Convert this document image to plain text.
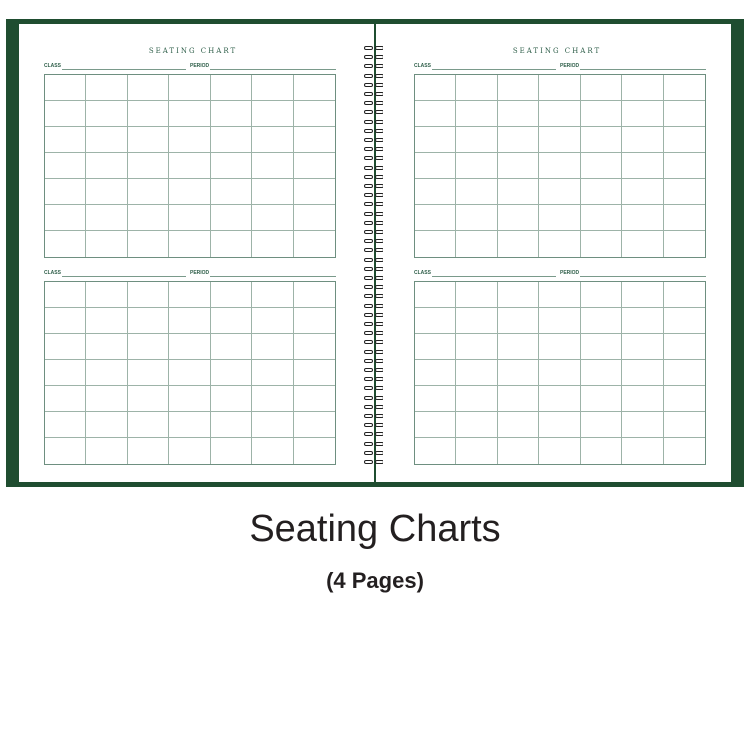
SEATING CHART
CLASS	PERIOD
CLASS	PERIOD
SEATING CHART
CLASS	PERIOD
CLASS	PERIOD
Seating Charts
(4 Pages)
